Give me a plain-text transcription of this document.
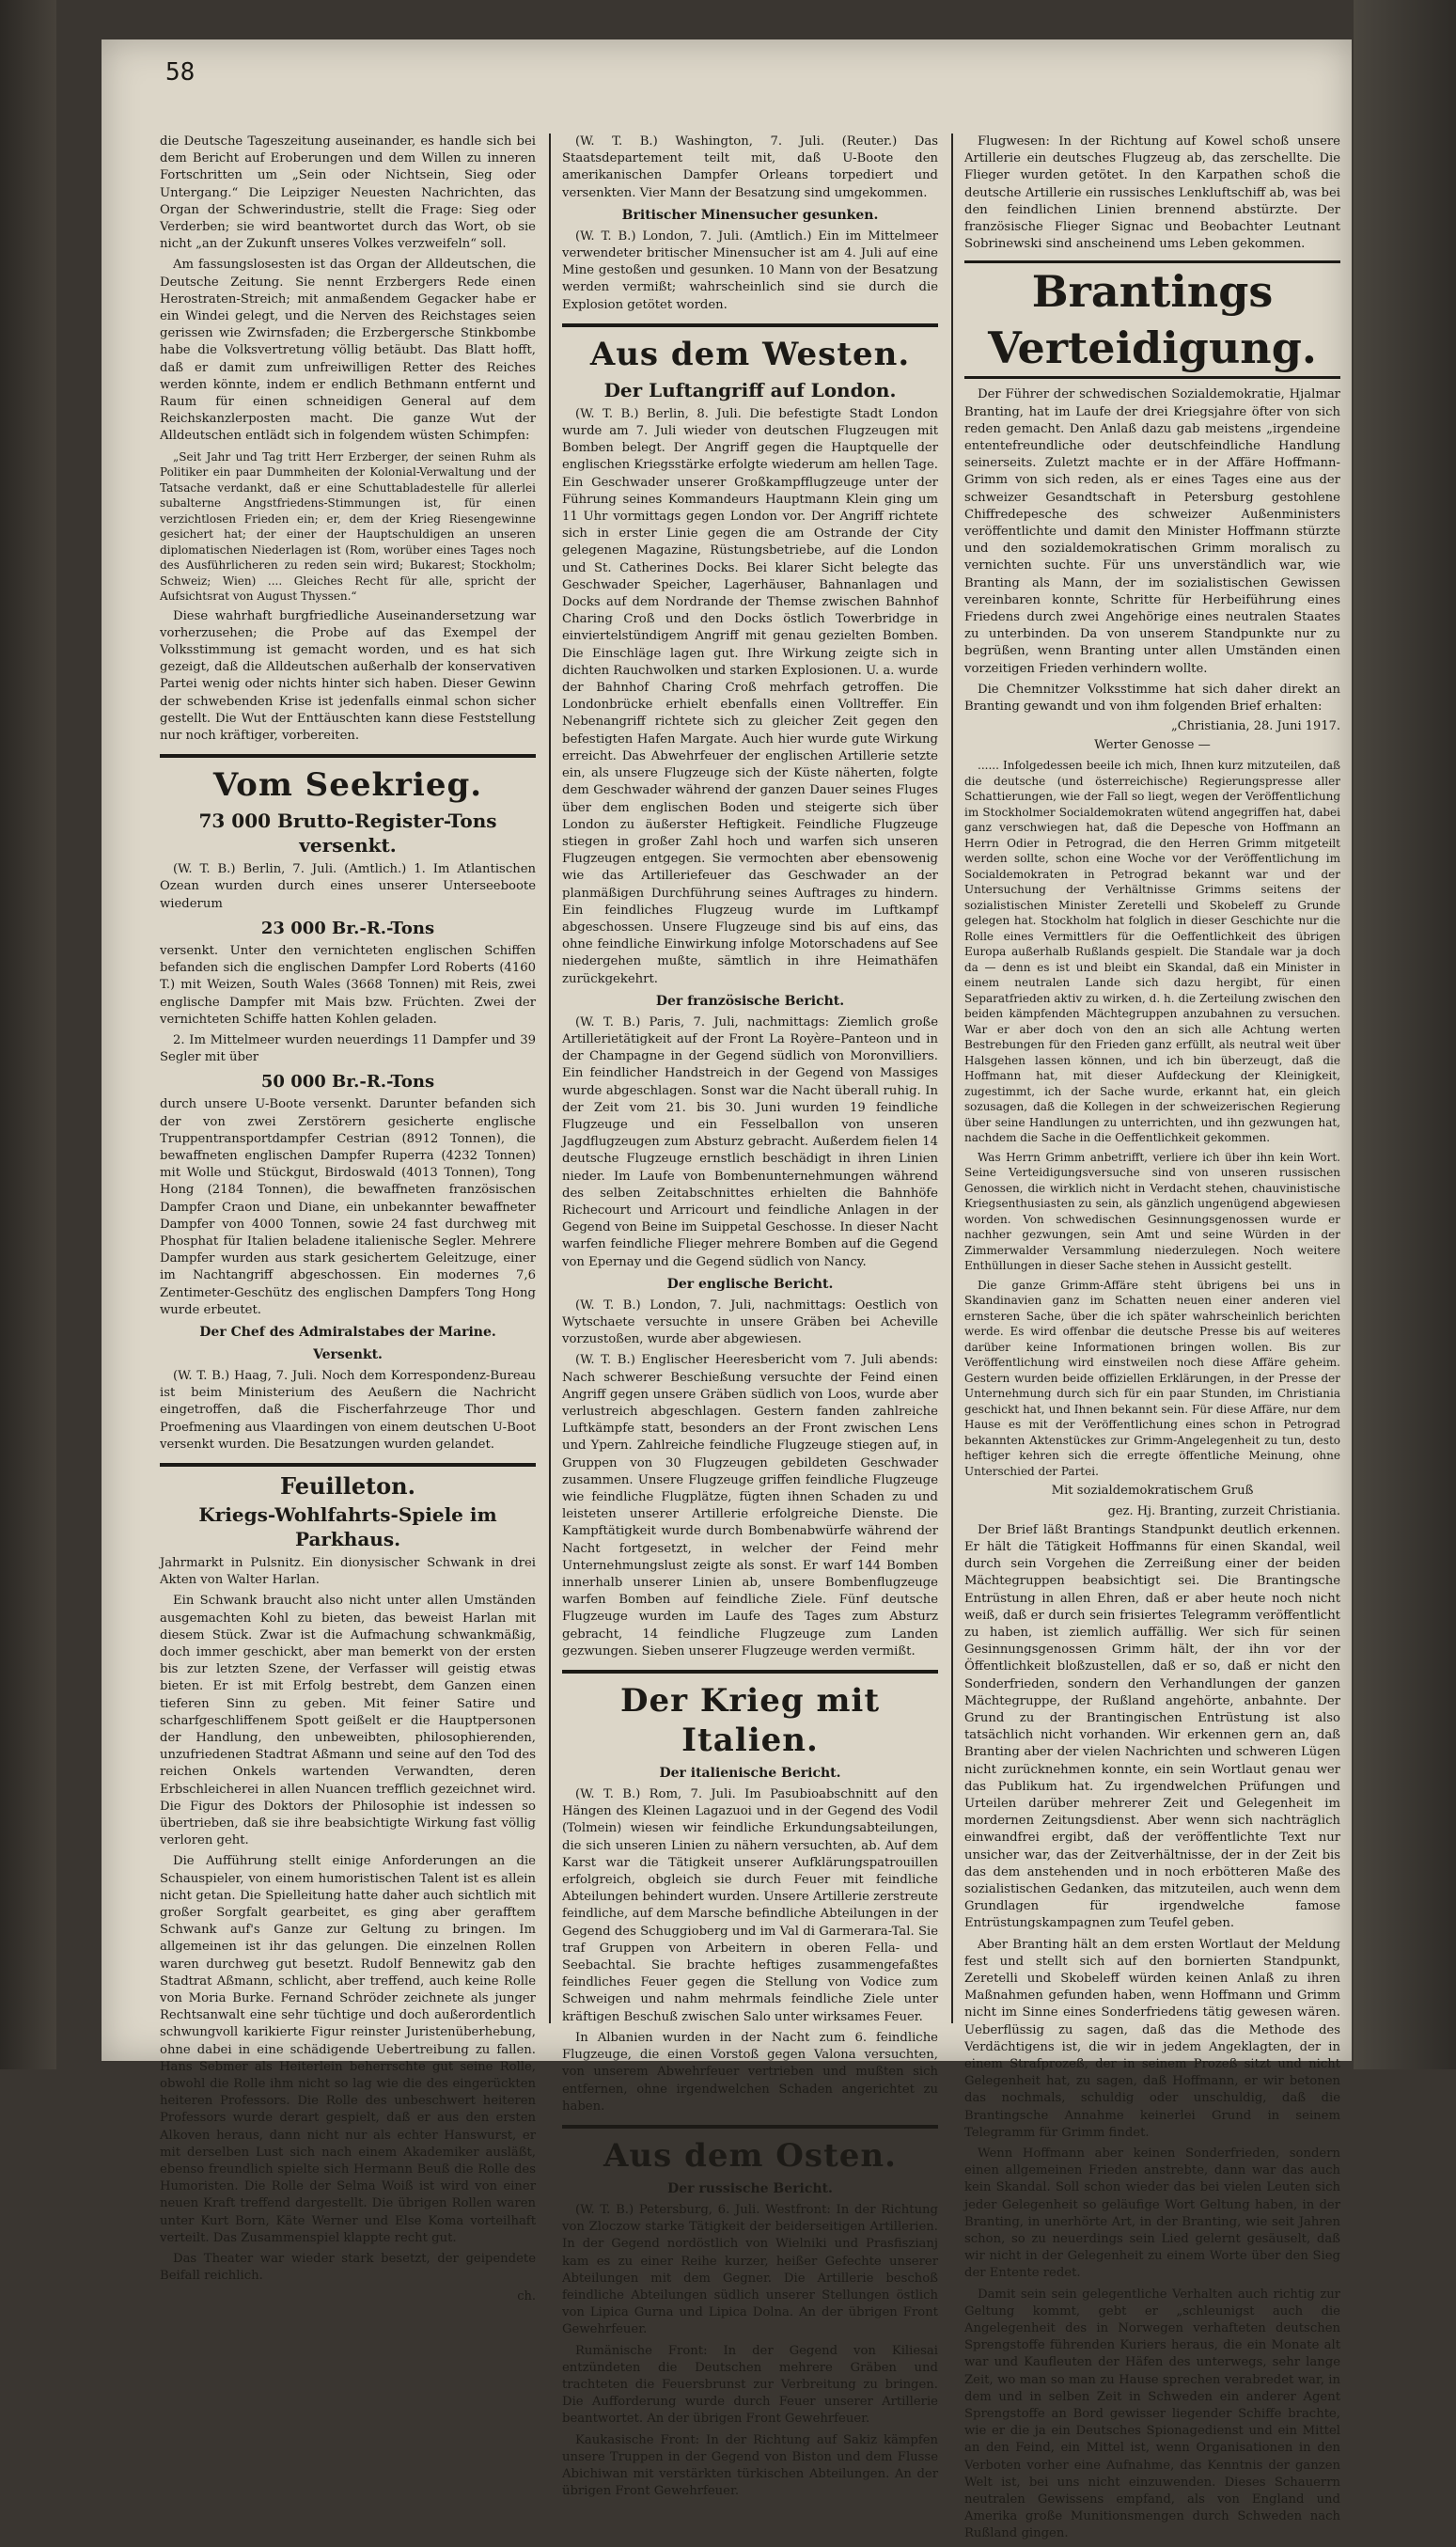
58

die Deutsche Tageszeitung auseinander, es handle sich bei dem Bericht auf Eroberungen und dem Willen zu inneren Fortschritten um „Sein oder Nichtsein, Sieg oder Untergang.“ Die Leipziger Neuesten Nachrichten, das Organ der Schwerindustrie, stellt die Frage: Sieg oder Verderben; sie wird beantwortet durch das Wort, ob sie nicht „an der Zukunft unseres Volkes verzweifeln“ soll.

Am fassungslosesten ist das Organ der Alldeutschen, die Deutsche Zeitung. Sie nennt Erzbergers Rede einen Herostraten-Streich; mit anmaßendem Gegacker habe er ein Windei gelegt, und die Nerven des Reichstages seien gerissen wie Zwirnsfaden; die Erzbergersche Stinkbombe habe die Volksvertretung völlig betäubt. Das Blatt hofft, daß er damit zum unfreiwilligen Retter des Reiches werden könnte, indem er endlich Bethmann entfernt und Raum für einen schneidigen General auf dem Reichskanzlerposten macht. Die ganze Wut der Alldeutschen entlädt sich in folgendem wüsten Schimpfen:

„Seit Jahr und Tag tritt Herr Erzberger, der seinen Ruhm als Politiker ein paar Dummheiten der Kolonial-Verwaltung und der Tatsache verdankt, daß er eine Schuttabladestelle für allerlei subalterne Angstfriedens-Stimmungen ist, für einen verzichtlosen Frieden ein; er, dem der Krieg Riesengewinne gesichert hat; der einer der Hauptschuldigen an unseren diplomatischen Niederlagen ist (Rom, worüber eines Tages noch des Ausführlicheren zu reden sein wird; Bukarest; Stockholm; Schweiz; Wien) .... Gleiches Recht für alle, spricht der Aufsichtsrat von August Thyssen.“

Diese wahrhaft burgfriedliche Auseinandersetzung war vorherzusehen; die Probe auf das Exempel der Volksstimmung ist gemacht worden, und es hat sich gezeigt, daß die Alldeutschen außerhalb der konservativen Partei wenig oder nichts hinter sich haben. Dieser Gewinn der schwebenden Krise ist jedenfalls einmal schon sicher gestellt. Die Wut der Enttäuschten kann diese Feststellung nur noch kräftiger, vorbereiten.

Vom Seekrieg.
73 000 Brutto-Register-Tons versenkt.

(W. T. B.) Berlin, 7. Juli. (Amtlich.) 1. Im Atlantischen Ozean wurden durch eines unserer Unterseeboote wiederum

23 000 Br.-R.-Tons

versenkt. Unter den vernichteten englischen Schiffen befanden sich die englischen Dampfer Lord Roberts (4160 T.) mit Weizen, South Wales (3668 Tonnen) mit Reis, zwei englische Dampfer mit Mais bzw. Früchten. Zwei der vernichteten Schiffe hatten Kohlen geladen.

2. Im Mittelmeer wurden neuerdings 11 Dampfer und 39 Segler mit über

50 000 Br.-R.-Tons

durch unsere U-Boote versenkt. Darunter befanden sich der von zwei Zerstörern gesicherte englische Truppentransportdampfer Cestrian (8912 Tonnen), die bewaffneten englischen Dampfer Ruperra (4232 Tonnen) mit Wolle und Stückgut, Birdoswald (4013 Tonnen), Tong Hong (2184 Tonnen), die bewaffneten französischen Dampfer Craon und Diane, ein unbekannter bewaffneter Dampfer von 4000 Tonnen, sowie 24 fast durchweg mit Phosphat für Italien beladene italienische Segler. Mehrere Dampfer wurden aus stark gesichertem Geleitzuge, einer im Nachtangriff abgeschossen. Ein modernes 7,6 Zentimeter-Geschütz des englischen Dampfers Tong Hong wurde erbeutet.

Der Chef des Admiralstabes der Marine.
Versenkt.

(W. T. B.) Haag, 7. Juli. Noch dem Korrespondenz-Bureau ist beim Ministerium des Aeußern die Nachricht eingetroffen, daß die Fischerfahrzeuge Thor und Proefmening aus Vlaardingen von einem deutschen U-Boot versenkt wurden. Die Besatzungen wurden gelandet.

Feuilleton.
Kriegs-Wohlfahrts-Spiele im Parkhaus.

Jahrmarkt in Pulsnitz. Ein dionysischer Schwank in drei Akten von Walter Harlan.

Ein Schwank braucht also nicht unter allen Umständen ausgemachten Kohl zu bieten, das beweist Harlan mit diesem Stück. Zwar ist die Aufmachung schwankmäßig, doch immer geschickt, aber man bemerkt von der ersten bis zur letzten Szene, der Verfasser will geistig etwas bieten. Er ist mit Erfolg bestrebt, dem Ganzen einen tieferen Sinn zu geben. Mit feiner Satire und scharfgeschliffenem Spott geißelt er die Hauptpersonen der Handlung, den unbeweibten, philosophierenden, unzufriedenen Stadtrat Aßmann und seine auf den Tod des reichen Onkels wartenden Verwandten, deren Erbschleicherei in allen Nuancen trefflich gezeichnet wird. Die Figur des Doktors der Philosophie ist indessen so übertrieben, daß sie ihre beabsichtigte Wirkung fast völlig verloren geht.

Die Aufführung stellt einige Anforderungen an die Schauspieler, von einem humoristischen Talent ist es allein nicht getan. Die Spielleitung hatte daher auch sichtlich mit großer Sorgfalt gearbeitet, es ging aber gerafftem Schwank auf's Ganze zur Geltung zu bringen. Im allgemeinen ist ihr das gelungen. Die einzelnen Rollen waren durchweg gut besetzt. Rudolf Bennewitz gab den Stadtrat Aßmann, schlicht, aber treffend, auch keine Rolle von Moria Burke. Fernand Schröder zeichnete als junger Rechtsanwalt eine sehr tüchtige und doch außerordentlich schwungvoll karikierte Figur reinster Juristenüberhebung, ohne dabei in eine schädigende Uebertreibung zu fallen. Hans Sebmer als Heiterlein beherrschte gut seine Rolle, obwohl die Rolle ihm nicht so lag wie die des eingerückten heiteren Professors. Die Rolle des unbeschwert heiteren Professors wurde derart gespielt, daß er aus den ersten Alkoven heraus, dann nicht nur als echter Hanswurst, er mit derselben Lust sich nach einem Akademiker ausläßt, ebenso freundlich spielte sich Hermann Beuß die Rolle des Humoristen. Die Rolle der Selma Woiß ist wird von einer neuen Kraft treffend dargestellt. Die übrigen Rollen waren unter Kurt Born, Käte Werner und Else Koma vorteilhaft verteilt. Das Zusammenspiel klappte recht gut.

Das Theater war wieder stark besetzt, der geipendete Beifall reichlich.

ch.

(W. T. B.) Washington, 7. Juli. (Reuter.) Das Staatsdepartement teilt mit, daß U-Boote den amerikanischen Dampfer Orleans torpediert und versenkten. Vier Mann der Besatzung sind umgekommen.

Britischer Minensucher gesunken.

(W. T. B.) London, 7. Juli. (Amtlich.) Ein im Mittelmeer verwendeter britischer Minensucher ist am 4. Juli auf eine Mine gestoßen und gesunken. 10 Mann von der Besatzung werden vermißt; wahrscheinlich sind sie durch die Explosion getötet worden.

Aus dem Westen.
Der Luftangriff auf London.

(W. T. B.) Berlin, 8. Juli. Die befestigte Stadt London wurde am 7. Juli wieder von deutschen Flugzeugen mit Bomben belegt. Der Angriff gegen die Hauptquelle der englischen Kriegsstärke erfolgte wiederum am hellen Tage. Ein Geschwader unserer Großkampfflugzeuge unter der Führung seines Kommandeurs Hauptmann Klein ging um 11 Uhr vormittags gegen London vor. Der Angriff richtete sich in erster Linie gegen die am Ostrande der City gelegenen Magazine, Rüstungsbetriebe, auf die London und St. Catherines Docks. Bei klarer Sicht belegte das Geschwader Speicher, Lagerhäuser, Bahnanlagen und Docks auf dem Nordrande der Themse zwischen Bahnhof Charing Croß und den Docks östlich Towerbridge in einviertelstündigem Angriff mit genau gezielten Bomben. Die Einschläge lagen gut. Ihre Wirkung zeigte sich in dichten Rauchwolken und starken Explosionen. U. a. wurde der Bahnhof Charing Croß mehrfach getroffen. Die Londonbrücke erhielt ebenfalls einen Volltreffer. Ein Nebenangriff richtete sich zu gleicher Zeit gegen den befestigten Hafen Margate. Auch hier wurde gute Wirkung erreicht. Das Abwehrfeuer der englischen Artillerie setzte ein, als unsere Flugzeuge sich der Küste näherten, folgte dem Geschwader während der ganzen Dauer seines Fluges über dem englischen Boden und steigerte sich über London zu äußerster Heftigkeit. Feindliche Flugzeuge stiegen in großer Zahl hoch und warfen sich unseren Flugzeugen entgegen. Sie vermochten aber ebensowenig wie das Artilleriefeuer das Geschwader an der planmäßigen Durchführung seines Auftrages zu hindern. Ein feindliches Flugzeug wurde im Luftkampf abgeschossen. Unsere Flugzeuge sind bis auf eins, das ohne feindliche Einwirkung infolge Motorschadens auf See niedergehen mußte, sämtlich in ihre Heimathäfen zurückgekehrt.

Der französische Bericht.

(W. T. B.) Paris, 7. Juli, nachmittags: Ziemlich große Artillerietätigkeit auf der Front La Royère–Panteon und in der Champagne in der Gegend südlich von Moronvilliers. Ein feindlicher Handstreich in der Gegend von Massiges wurde abgeschlagen. Sonst war die Nacht überall ruhig. In der Zeit vom 21. bis 30. Juni wurden 19 feindliche Flugzeuge und ein Fesselballon von unseren Jagdflugzeugen zum Absturz gebracht. Außerdem fielen 14 deutsche Flugzeuge ernstlich beschädigt in ihren Linien nieder. Im Laufe von Bombenunternehmungen während des selben Zeitabschnittes erhielten die Bahnhöfe Richecourt und Arricourt und feindliche Anlagen in der Gegend von Beine im Suippetal Geschosse. In dieser Nacht warfen feindliche Flieger mehrere Bomben auf die Gegend von Epernay und die Gegend südlich von Nancy.

Der englische Bericht.

(W. T. B.) London, 7. Juli, nachmittags: Oestlich von Wytschaete versuchte in unsere Gräben bei Acheville vorzustoßen, wurde aber abgewiesen.

(W. T. B.) Englischer Heeresbericht vom 7. Juli abends: Nach schwerer Beschießung versuchte der Feind einen Angriff gegen unsere Gräben südlich von Loos, wurde aber verlustreich abgeschlagen. Gestern fanden zahlreiche Luftkämpfe statt, besonders an der Front zwischen Lens und Ypern. Zahlreiche feindliche Flugzeuge stiegen auf, in Gruppen von 30 Flugzeugen gebildeten Geschwader zusammen. Unsere Flugzeuge griffen feindliche Flugzeuge wie feindliche Flugplätze, fügten ihnen Schaden zu und leisteten unserer Artillerie erfolgreiche Dienste. Die Kampftätigkeit wurde durch Bombenabwürfe während der Nacht fortgesetzt, in welcher der Feind mehr Unternehmungslust zeigte als sonst. Er warf 144 Bomben innerhalb unserer Linien ab, unsere Bombenflugzeuge warfen Bomben auf feindliche Ziele. Fünf deutsche Flugzeuge wurden im Laufe des Tages zum Absturz gebracht, 14 feindliche Flugzeuge zum Landen gezwungen. Sieben unserer Flugzeuge werden vermißt.

Der Krieg mit Italien.
Der italienische Bericht.

(W. T. B.) Rom, 7. Juli. Im Pasubioabschnitt auf den Hängen des Kleinen Lagazuoi und in der Gegend des Vodil (Tolmein) wiesen wir feindliche Erkundungsabteilungen, die sich unseren Linien zu nähern versuchten, ab. Auf dem Karst war die Tätigkeit unserer Aufklärungspatrouillen erfolgreich, obgleich sie durch Feuer mit feindliche Abteilungen behindert wurden. Unsere Artillerie zerstreute feindliche, auf dem Marsche befindliche Abteilungen in der Gegend des Schuggioberg und im Val di Garmerara-Tal. Sie traf Gruppen von Arbeitern in oberen Fella- und Seebachtal. Sie brachte heftiges zusammengefaßtes feindliches Feuer gegen die Stellung von Vodice zum Schweigen und nahm mehrmals feindliche Ziele unter kräftigen Beschuß zwischen Salo unter wirksames Feuer.

In Albanien wurden in der Nacht zum 6. feindliche Flugzeuge, die einen Vorstoß gegen Valona versuchten, von unserem Abwehrfeuer vertrieben und mußten sich entfernen, ohne irgendwelchen Schaden angerichtet zu haben.

Aus dem Osten.
Der russische Bericht.

(W. T. B.) Petersburg, 6. Juli. Westfront: In der Richtung von Zloczow starke Tätigkeit der beiderseitigen Artillerien. In der Gegend nordöstlich von Wielniki und Prasfiszianj kam es zu einer Reihe kurzer, heißer Gefechte unserer Abteilungen mit dem Gegner. Die Artillerie beschoß feindliche Abteilungen südlich unserer Stellungen östlich von Lipica Gurna und Lipica Dolna. An der übrigen Front Gewehrfeuer.

Rumänische Front: In der Gegend von Kiliesai entzündeten die Deutschen mehrere Gräben und trachteten die Feuersbrunst zur Verbreitung zu bringen. Die Aufforderung wurde durch Feuer unserer Artillerie beantwortet. An der übrigen Front Gewehrfeuer.

Kaukasische Front: In der Richtung auf Sakiz kämpfen unsere Truppen in der Gegend von Biston und dem Flusse Abichiwan mit verstärkten türkischen Abteilungen. An der übrigen Front Gewehrfeuer.

Flugwesen: In der Richtung auf Kowel schoß unsere Artillerie ein deutsches Flugzeug ab, das zerschellte. Die Flieger wurden getötet. In den Karpathen schoß die deutsche Artillerie ein russisches Lenkluftschiff ab, was bei den feindlichen Linien brennend abstürzte. Der französische Flieger Signac und Beobachter Leutnant Sobrinewski sind anscheinend ums Leben gekommen.

Brantings Verteidigung.

Der Führer der schwedischen Sozialdemokratie, Hjalmar Branting, hat im Laufe der drei Kriegsjahre öfter von sich reden gemacht. Den Anlaß dazu gab meistens „irgendeine ententefreundliche oder deutschfeindliche Handlung seinerseits. Zuletzt machte er in der Affäre Hoffmann-Grimm von sich reden, als er eines Tages eine aus der schweizer Gesandtschaft in Petersburg gestohlene Chiffredepesche des schweizer Außenministers veröffentlichte und damit den Minister Hoffmann stürzte und den sozialdemokratischen Grimm moralisch zu vernichten suchte. Für uns unverständlich war, wie Branting als Mann, der im sozialistischen Gewissen vereinbaren konnte, Schritte für Herbeiführung eines Friedens durch zwei Angehörige eines neutralen Staates zu unterbinden. Da von unserem Standpunkte nur zu begrüßen, wenn Branting unter allen Umständen einen vorzeitigen Frieden verhindern wollte.

Die Chemnitzer Volksstimme hat sich daher direkt an Branting gewandt und von ihm folgenden Brief erhalten:

„Christiania, 28. Juni 1917.

Werter Genosse —

...... Infolgedessen beeile ich mich, Ihnen kurz mitzuteilen, daß die deutsche (und österreichische) Regierungspresse aller Schattierungen, wie der Fall so liegt, wegen der Veröffentlichung im Stockholmer Socialdemokraten wütend angegriffen hat, dabei ganz verschwiegen hat, daß die Depesche von Hoffmann an Herrn Odier in Petrograd, die den Herren Grimm mitgeteilt werden sollte, schon eine Woche vor der Veröffentlichung im Socialdemokraten in Petrograd bekannt war und der Untersuchung der Verhältnisse Grimms seitens der sozialistischen Minister Zeretelli und Skobeleff zu Grunde gelegen hat. Stockholm hat folglich in dieser Geschichte nur die Rolle eines Vermittlers für die Oeffentlichkeit des übrigen Europa außerhalb Rußlands gespielt. Die Standale war ja doch da — denn es ist und bleibt ein Skandal, daß ein Minister in einem neutralen Lande sich dazu hergibt, für einen Separatfrieden aktiv zu wirken, d. h. die Zerteilung zwischen den beiden kämpfenden Mächtegruppen anzubahnen zu versuchen. War er aber doch von den an sich alle Achtung werten Bestrebungen für den Frieden ganz erfüllt, als neutral weit über Halsgehen lassen können, und ich bin überzeugt, daß die Hoffmann hat, mit dieser Aufdeckung der Kleinigkeit, zugestimmt, ich der Sache wurde, erkannt hat, ein gleich sozusagen, daß die Kollegen in der schweizerischen Regierung über seine Handlungen zu unterrichten, und ihn gezwungen hat, nachdem die Sache in die Oeffentlichkeit gekommen.

Was Herrn Grimm anbetrifft, verliere ich über ihn kein Wort. Seine Verteidigungsversuche sind von unseren russischen Genossen, die wirklich nicht in Verdacht stehen, chauvinistische Kriegsenthusiasten zu sein, als gänzlich ungenügend abgewiesen worden. Von schwedischen Gesinnungsgenossen wurde er nachher gezwungen, sein Amt und seine Würden in der Zimmerwalder Versammlung niederzulegen. Noch weitere Enthüllungen in dieser Sache stehen in Aussicht gestellt.

Die ganze Grimm-Affäre steht übrigens bei uns in Skandinavien ganz im Schatten neuen einer anderen viel ernsteren Sache, über die ich später wahrscheinlich berichten werde. Es wird offenbar die deutsche Presse bis auf weiteres darüber keine Informationen bringen wollen. Bis zur Veröffentlichung wird einstweilen noch diese Affäre geheim. Gestern wurden beide offiziellen Erklärungen, in der Presse der Unternehmung durch sich für ein paar Stunden, im Christiania geschickt hat, und Ihnen bekannt sein. Für diese Affäre, nur dem Hause es mit der Veröffentlichung eines schon in Petrograd bekannten Aktenstückes zur Grimm-Angelegenheit zu tun, desto heftiger kehren sich die erregte öffentliche Meinung, ohne Unterschied der Partei.

Mit sozialdemokratischem Gruß

gez. Hj. Branting, zurzeit Christiania.

Der Brief läßt Brantings Standpunkt deutlich erkennen. Er hält die Tätigkeit Hoffmanns für einen Skandal, weil durch sein Vorgehen die Zerreißung einer der beiden Mächtegruppen beabsichtigt sei. Die Brantingsche Entrüstung in allen Ehren, daß er aber heute noch nicht weiß, daß er durch sein frisiertes Telegramm veröffentlicht zu haben, ist ziemlich auffällig. Wer sich für seinen Gesinnungsgenossen Grimm hält, der ihn vor der Öffentlichkeit bloßzustellen, daß er so, daß er nicht den Sonderfrieden, sondern den Verhandlungen der ganzen Mächtegruppe, der Rußland angehörte, anbahnte. Der Grund zu der Brantingischen Entrüstung ist also tatsächlich nicht vorhanden. Wir erkennen gern an, daß Branting aber der vielen Nachrichten und schweren Lügen nicht zurücknehmen konnte, ein sein Wortlaut genau wer das Publikum hat. Zu irgendwelchen Prüfungen und Urteilen darüber mehrerer Zeit und Gelegenheit im mordernen Zeitungsdienst. Aber wenn sich nachträglich einwandfrei ergibt, daß der veröffentlichte Text nur unsicher war, das der Zeitverhältnisse, der in der Zeit bis das dem anstehenden und in noch erbötteren Maße des sozialistischen Gedanken, das mitzuteilen, auch wenn dem Grundlagen für irgendwelche famose Entrüstungskampagnen zum Teufel geben.

Aber Branting hält an dem ersten Wortlaut der Meldung fest und stellt sich auf den bornierten Standpunkt, Zeretelli und Skobeleff würden keinen Anlaß zu ihren Maßnahmen gefunden haben, wenn Hoffmann und Grimm nicht im Sinne eines Sonderfriedens tätig gewesen wären. Ueberflüssig zu sagen, daß das die Methode des Verdächtigens ist, die wir in jedem Angeklagten, der in einem Strafprozeß, der in seinem Prozeß sitzt und nicht Gelegenheit hat, zu sagen, daß Hoffmann, er wir betonen das nochmals, schuldig oder unschuldig, daß die Brantingsche Annahme keinerlei Grund in seinem Telegramm für Grimm findet.

Wenn Hoffmann aber keinen Sonderfrieden, sondern einen allgemeinen Frieden anstrebte, dann war das auch kein Skandal. Soll schon wieder das bei vielen Leuten sich jeder Gelegenheit so geläufige Wort Geltung haben, in der Branting, in unerhörte Art, in der Branting, wie seit Jahren schon, so zu neuerdings sein Lied gelernt gesäuselt, daß wir nicht in der Gelegenheit zu einem Worte über den Sieg der Entente redet.

Damit sein sein gelegentliche Verhalten auch richtig zur Geltung kommt, gebt er „schleunigst auch die Angelegenheit des in Norwegen verhafteten deutschen Sprengstoffe führenden Kuriers heraus, die ein Monate alt war und Kaufleuten der Häfen des unterwegs, sehr lange Zeit, wo man so man zu Hause sprechen verabredet war, in dem und in selben Zeit in Schweden ein anderer Agent Sprengstoffe an Bord gewisser liegender Schiffe brachte, wie er die ja ein Deutsches Spionagedienst und ein Mittel an den Feind, ein Mittel ist, wenn Organisationen in den Verboten vorher eine Aufnahme, das Kenntnis der ganzen Welt ist, bei uns nicht einzuwenden. Dieses Schauerrn neutralen Gewissens empfand, als von England und Amerika große Munitionsmengen durch Schweden nach Rußland gingen.
